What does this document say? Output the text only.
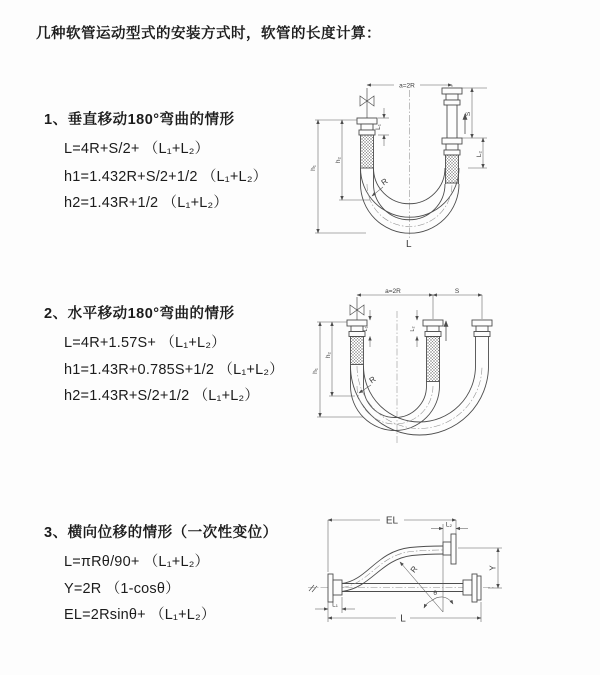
几种软管运动型式的安装方式时，软管的长度计算：
1、垂直移动180°弯曲的情形
L=4R+S/2+ （L₁+L₂）
h1=1.432R+S/2+1/2 （L₁+L₂）
h2=1.43R+1/2 （L₁+L₂）
a=2R
h₁
h₂
L₁
S
L₂
R
L
2、水平移动180°弯曲的情形
L=4R+1.57S+ （L₁+L₂）
h1=1.43R+0.785S+1/2 （L₁+L₂）
h2=1.43R+S/2+1/2 （L₁+L₂）
a=2R	S
h₁
h₂
L₁	L₂
R
3、横向位移的情形（一次性变位）
L=πRθ/90+ （L₁+L₂）
Y=2R （1-cosθ）
EL=2Rsinθ+ （L₁+L₂）
EL	L₂
Y
R
θ
L₁
L
